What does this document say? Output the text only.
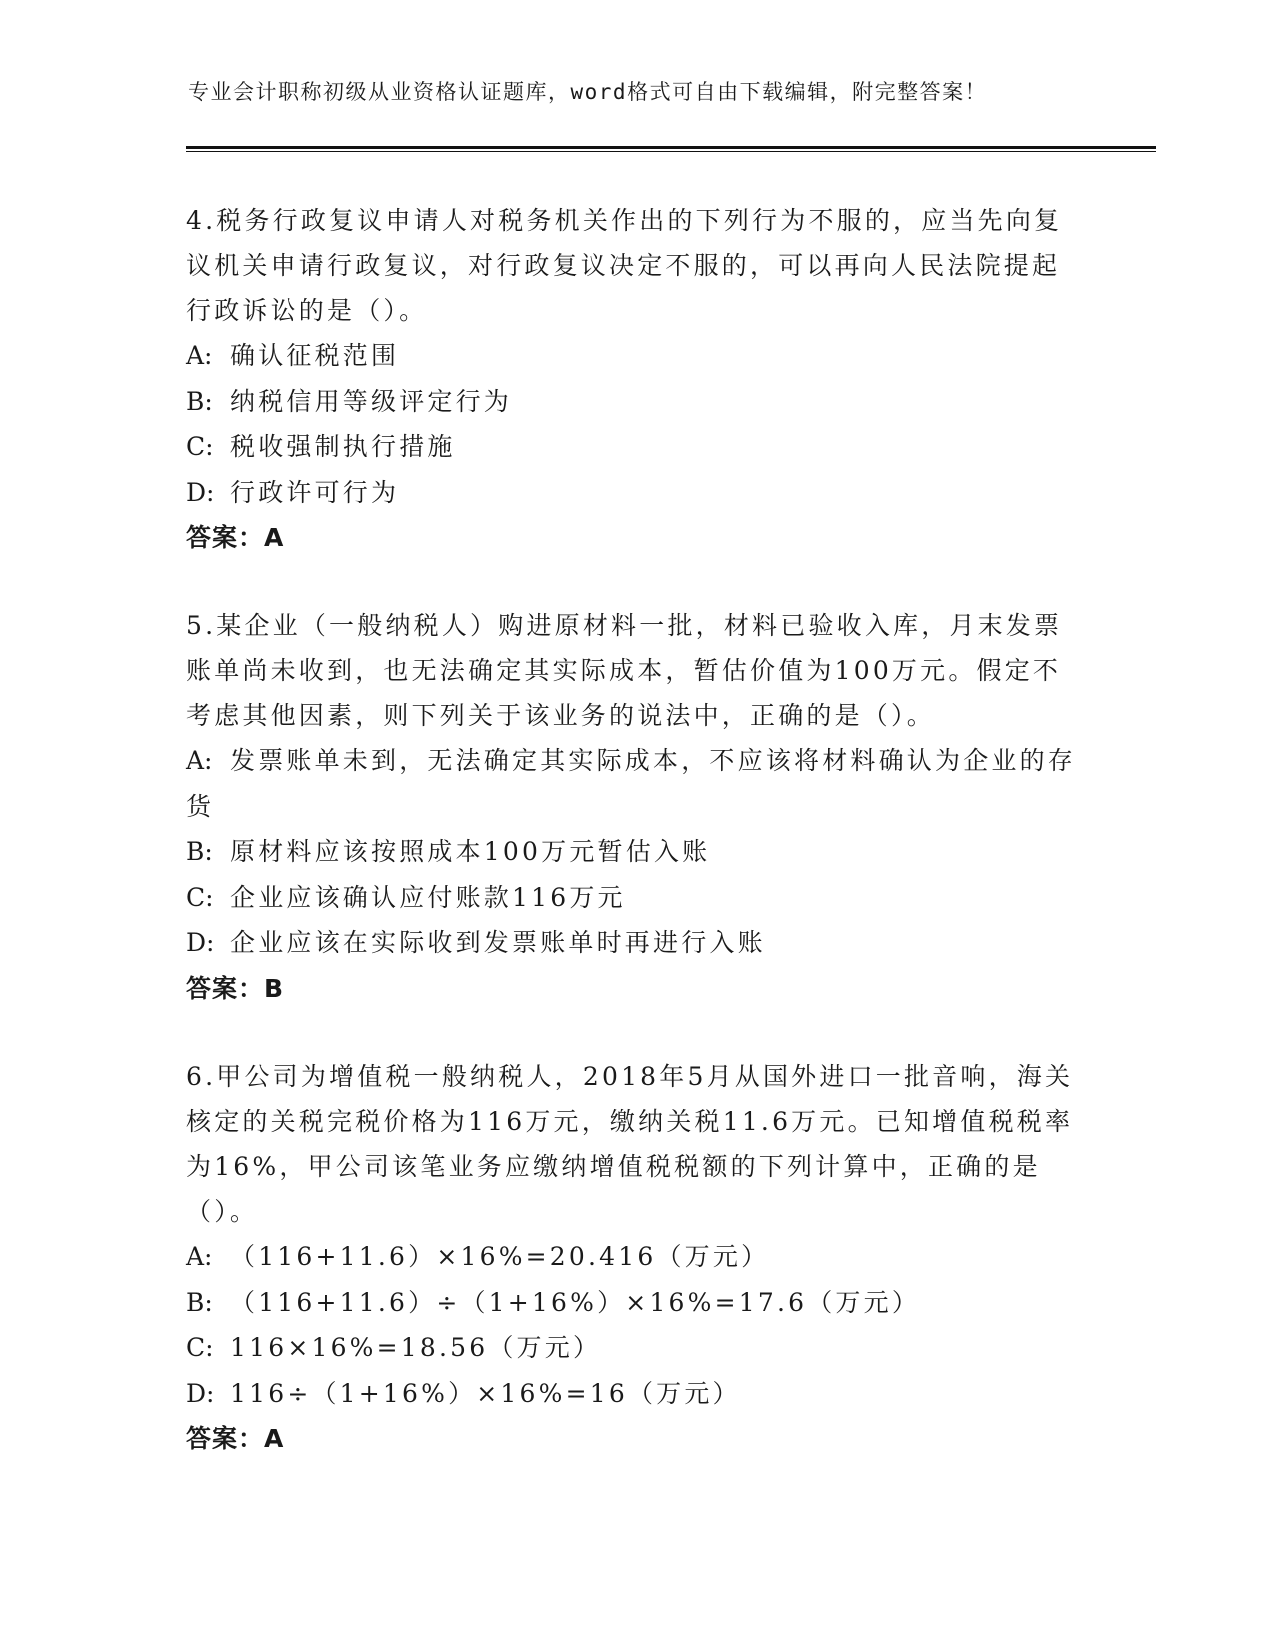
专业会计职称初级从业资格认证题库，word格式可自由下载编辑，附完整答案！

4.税务行政复议申请人对税务机关作出的下列行为不服的，应当先向复议机关申请行政复议，对行政复议决定不服的，可以再向人民法院提起行政诉讼的是（）。

A: 确认征税范围

B: 纳税信用等级评定行为

C: 税收强制执行措施

D: 行政许可行为

答案：A

5.某企业（一般纳税人）购进原材料一批，材料已验收入库，月末发票账单尚未收到，也无法确定其实际成本，暂估价值为100万元。假定不考虑其他因素，则下列关于该业务的说法中，正确的是（）。

A: 发票账单未到，无法确定其实际成本，不应该将材料确认为企业的存货

B: 原材料应该按照成本100万元暂估入账

C: 企业应该确认应付账款116万元

D: 企业应该在实际收到发票账单时再进行入账

答案：B

6.甲公司为增值税一般纳税人，2018年5月从国外进口一批音响，海关核定的关税完税价格为116万元，缴纳关税11.6万元。已知增值税税率为16%，甲公司该笔业务应缴纳增值税税额的下列计算中，正确的是（）。

A: （116+11.6）×16%=20.416（万元）

B: （116+11.6）÷（1+16%）×16%=17.6（万元）

C: 116×16%=18.56（万元）

D: 116÷（1+16%）×16%=16（万元）

答案：A
